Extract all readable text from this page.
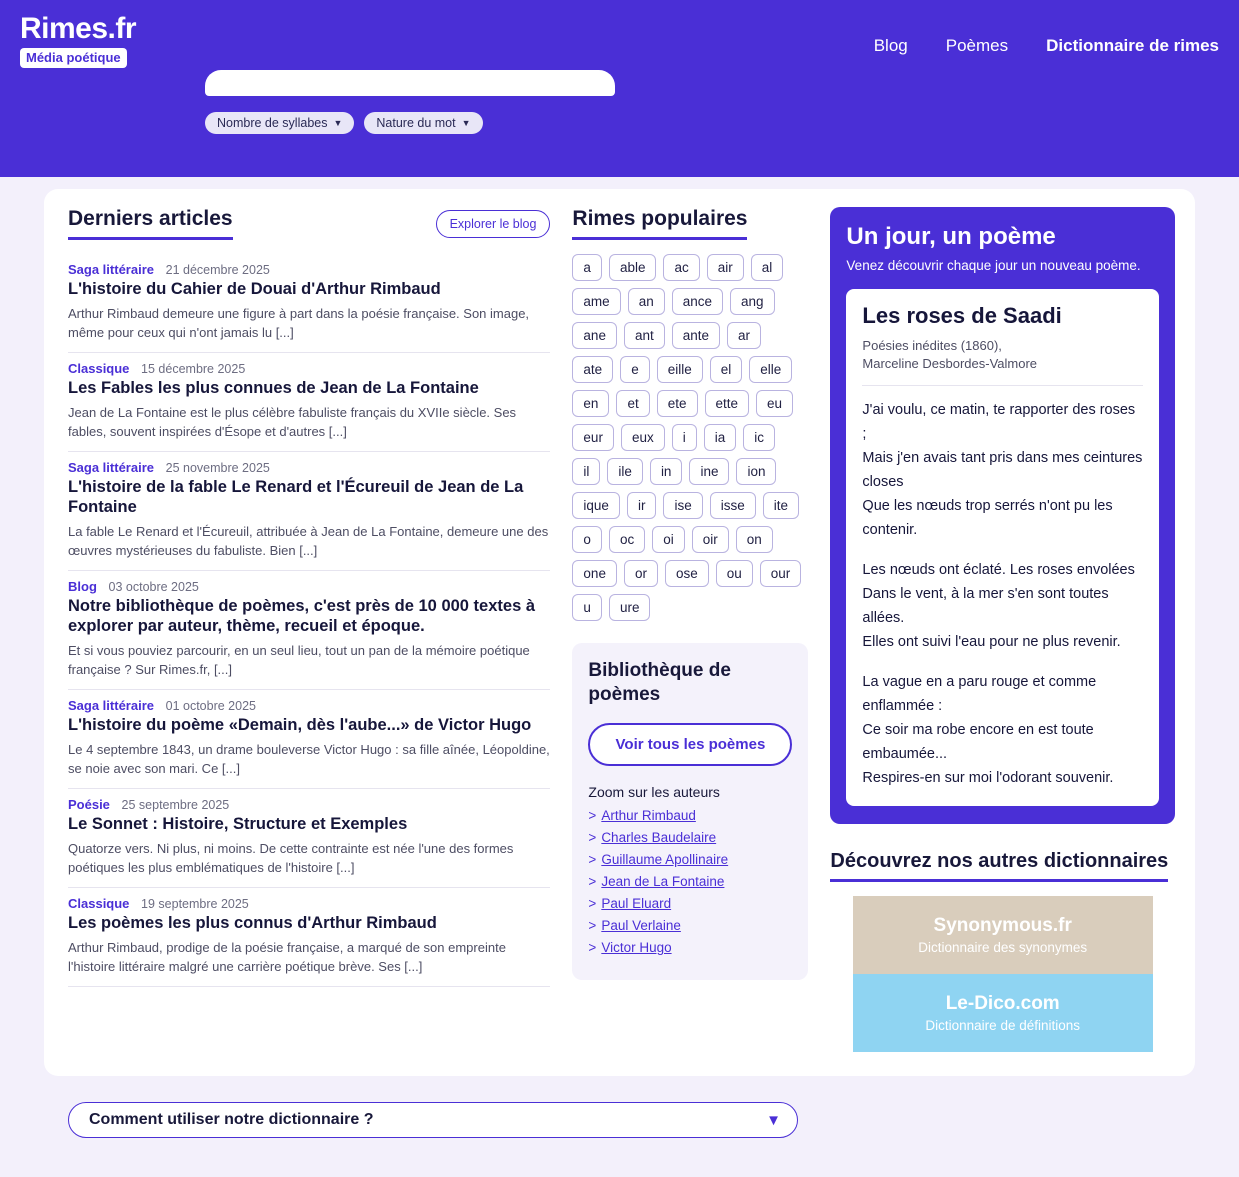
Rimes.fr
Média poétique
Blog Poèmes Dictionnaire de rimes
Nombre de syllabes ▼	Nature du mot ▼
Derniers articles	Explorer le blog
Saga littéraire 21 décembre 2025
L'histoire du Cahier de Douai d'Arthur Rimbaud

Arthur Rimbaud demeure une figure à part dans la poésie française. Son image, même pour ceux qui n'ont jamais lu [...]

Classique 15 décembre 2025
Les Fables les plus connues de Jean de La Fontaine

Jean de La Fontaine est le plus célèbre fabuliste français du XVIIe siècle. Ses fables, souvent inspirées d'Ésope et d'autres [...]

Saga littéraire 25 novembre 2025
L'histoire de la fable Le Renard et l'Écureuil de Jean de La Fontaine

La fable Le Renard et l'Écureuil, attribuée à Jean de La Fontaine, demeure une des œuvres mystérieuses du fabuliste. Bien [...]

Blog 03 octobre 2025
Notre bibliothèque de poèmes, c'est près de 10 000 textes à explorer par auteur, thème, recueil et époque.

Et si vous pouviez parcourir, en un seul lieu, tout un pan de la mémoire poétique française ? Sur Rimes.fr, [...]

Saga littéraire 01 octobre 2025
L'histoire du poème «Demain, dès l'aube...» de Victor Hugo

Le 4 septembre 1843, un drame bouleverse Victor Hugo : sa fille aînée, Léopoldine, se noie avec son mari. Ce [...]

Poésie 25 septembre 2025
Le Sonnet : Histoire, Structure et Exemples

Quatorze vers. Ni plus, ni moins. De cette contrainte est née l'une des formes poétiques les plus emblématiques de l'histoire [...]

Classique 19 septembre 2025
Les poèmes les plus connus d'Arthur Rimbaud

Arthur Rimbaud, prodige de la poésie française, a marqué de son empreinte l'histoire littéraire malgré une carrière poétique brève. Ses [...]

Rimes populaires
a	able	ac	air	al
ame	an	ance	ang
ane	ant	ante	ar
ate	e	eille	el	elle
en	et	ete	ette	eu
eur	eux	i	ia	ic
il	ile	in	ine	ion
ique	ir	ise	isse	ite
o	oc	oi	oir	on
one	or	ose	ou	our
u	ure
Bibliothèque de poèmes
Voir tous les poèmes
Zoom sur les auteurs
> Arthur Rimbaud
> Charles Baudelaire
> Guillaume Apollinaire
> Jean de La Fontaine
> Paul Eluard
> Paul Verlaine
> Victor Hugo
Un jour, un poème

Venez découvrir chaque jour un nouveau poème.

Les roses de Saadi
Poésies inédites (1860),
Marceline Desbordes-Valmore

J'ai voulu, ce matin, te rapporter des roses ;
Mais j'en avais tant pris dans mes ceintures closes
Que les nœuds trop serrés n'ont pu les contenir.

Les nœuds ont éclaté. Les roses envolées
Dans le vent, à la mer s'en sont toutes allées.
Elles ont suivi l'eau pour ne plus revenir.

La vague en a paru rouge et comme enflammée :
Ce soir ma robe encore en est toute embaumée...
Respires-en sur moi l'odorant souvenir.

Découvrez nos autres dictionnaires
Synonymous.fr
Dictionnaire des synonymes
Le-Dico.com
Dictionnaire de définitions
Comment utiliser notre dictionnaire ?	▼
